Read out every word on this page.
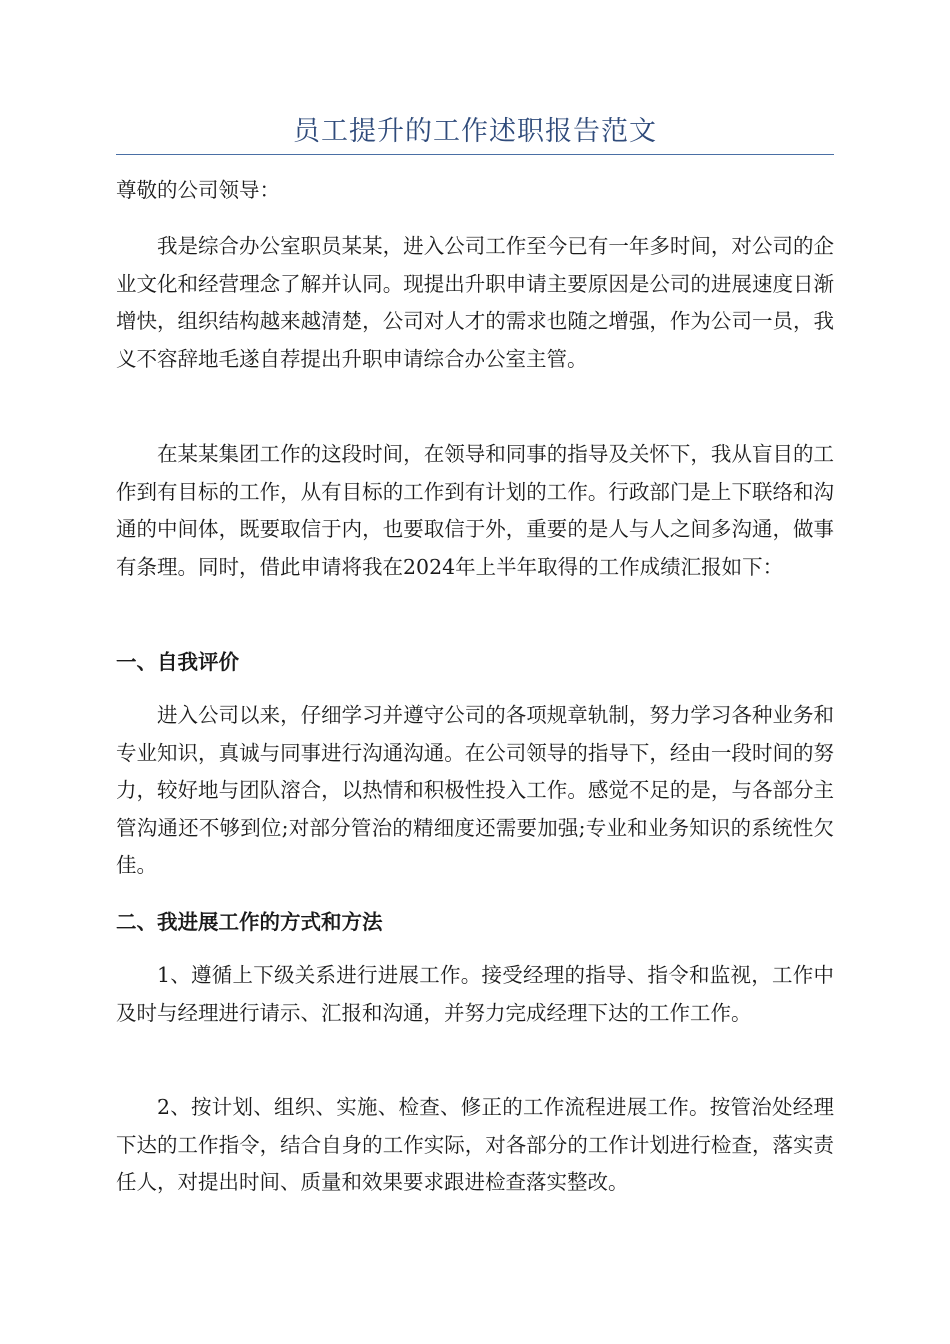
员工提升的工作述职报告范文

尊敬的公司领导：

我是综合办公室职员某某，进入公司工作至今已有一年多时间，对公司的企业文化和经营理念了解并认同。现提出升职申请主要原因是公司的进展速度日渐增快，组织结构越来越清楚，公司对人才的需求也随之增强，作为公司一员，我义不容辞地毛遂自荐提出升职申请综合办公室主管。

在某某集团工作的这段时间，在领导和同事的指导及关怀下，我从盲目的工作到有目标的工作，从有目标的工作到有计划的工作。行政部门是上下联络和沟通的中间体，既要取信于内，也要取信于外，重要的是人与人之间多沟通，做事有条理。同时，借此申请将我在2024年上半年取得的工作成绩汇报如下：

一、自我评价

进入公司以来，仔细学习并遵守公司的各项规章轨制，努力学习各种业务和专业知识，真诚与同事进行沟通沟通。在公司领导的指导下，经由一段时间的努力，较好地与团队溶合，以热情和积极性投入工作。感觉不足的是，与各部分主管沟通还不够到位;对部分管治的精细度还需要加强;专业和业务知识的系统性欠佳。

二、我进展工作的方式和方法

1、遵循上下级关系进行进展工作。接受经理的指导、指令和监视，工作中及时与经理进行请示、汇报和沟通，并努力完成经理下达的工作工作。

2、按计划、组织、实施、检查、修正的工作流程进展工作。按管治处经理下达的工作指令，结合自身的工作实际，对各部分的工作计划进行检查，落实责任人，对提出时间、质量和效果要求跟进检查落实整改。
